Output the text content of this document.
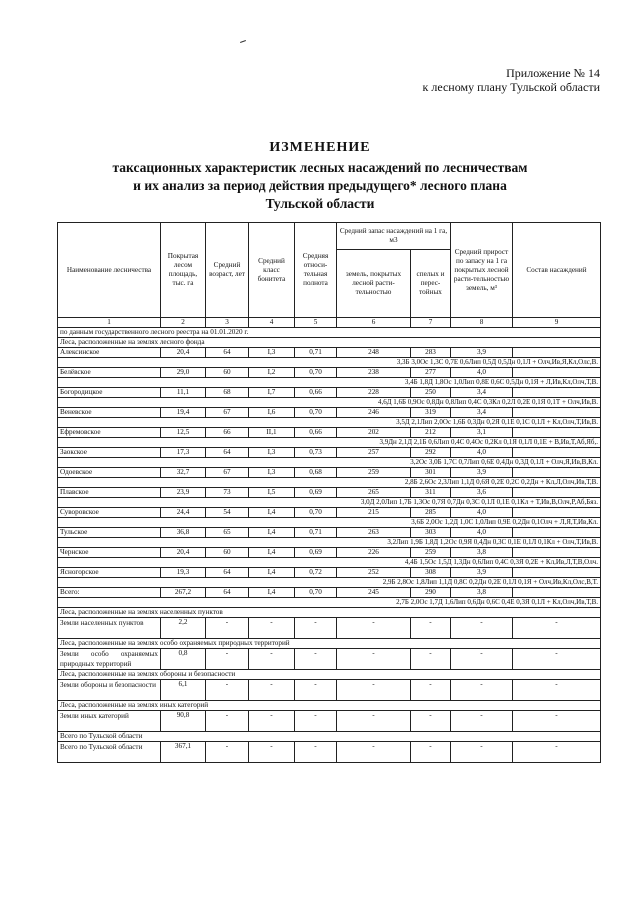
Приложение № 14
к лесному плану Тульской области
ИЗМЕНЕНИЕ
таксационных характеристик лесных насаждений по лесничествам
и их анализ за период действия предыдущего* лесного плана
Тульской области
Наименование лесничества	Покрытая лесом площадь, тыс. га	Средний возраст, лет	Средний класс бонитета	Средняя относи-тельная полнота	Средний запас насаждений на 1 га, м3		Средний прирост по запасу на 1 га покрытых лесной расти-тельностью земель, м³	Состав насаждений
					земель, покрытых лесной расти-тельностью	спелых и перес-тойных		
1	2	3	4	5	6	7	8	9
по данным государственного лесного реестра на 01.01.2020 г.								
Леса, расположенные на землях лесного фонда								
Алексинское	20,4	64	I,3	0,71	248	283	3,9	
3,3Б 3,0Ос 1,3С 0,7Е 0,6Лип 0,5Д 0,5Дн 0,1Л + Олч,Ив,Я,Кл,Олс,В.								
Белёвское	29,0	60	I,2	0,70	238	277	4,0	
3,4Б 1,8Д 1,8Ос 1,0Лип 0,8Е 0,6С 0,5Дн 0,1Я + Л,Ив,Кл,Олч,Т,В.								
Богородицкое	11,1	68	I,7	0,66	228	250	3,4	
4,6Д 1,6Б 0,9Ос 0,8Дн 0,8Лип 0,4С 0,3Кл 0,2Л 0,2Е 0,1Я 0,1Т + Олч,Ив,В.								
Веневское	19,4	67	I,6	0,70	246	319	3,4	
3,5Д 2,1Лип 2,0Ос 1,6Б 0,3Дн 0,2Я 0,1Е 0,1С 0,1Л + Кл,Олч,Т,Ив,В.								
Ефремовское	12,5	66	II,1	0,66	202	212	3,1	
3,9Дн 2,1Д 2,1Б 0,6Лип 0,4С 0,4Ос 0,2Кл 0,1Я 0,1Л 0,1Е + В,Ив,Т,Аб,Яб,.								
Заокское	17,3	64	I,3	0,73	257	292	4,0	
3,2Ос 3,0Б 1,7С 0,7Лип 0,6Е 0,4Дн 0,3Д 0,1Л + Олч,Я,Ив,В,Кл.								
Одоевское	32,7	67	I,3	0,68	259	301	3,9	
2,8Б 2,6Ос 2,3Лип 1,1Д 0,6Я 0,2Е 0,2С 0,2Дн + Кл,Л,Олч,Ив,Т,В.								
Плавское	23,9	73	I,5	0,69	265	311	3,6	
3,0Д 2,0Лип 1,7Б 1,3Ос 0,7Я 0,7Дн 0,3С 0,1Л 0,1Е 0,1Кл + Т,Ив,В,Олч,Р,Аб,Бяз.								
Суворовское	24,4	54	I,4	0,70	215	285	4,0	
3,6Б 2,0Ос 1,2Д 1,0С 1,0Лип 0,9Е 0,2Дн 0,1Олч + Л,Я,Т,Ив,Кл.								
Тульское	36,8	65	I,4	0,71	263	303	4,0	
3,2Лип 1,9Б 1,8Д 1,2Ос 0,9Я 0,4Дн 0,3С 0,1Е 0,1Л 0,1Кл + Олч,Т,Ив,В.								
Чернское	20,4	60	I,4	0,69	226	259	3,8	
4,4Б 1,5Ос 1,5Д 1,3Дн 0,6Лип 0,4С 0,3Я 0,2Е + Кл,Ив,Л,Т,В,Олч.								
Ясногорское	19,3	64	I,4	0,72	252	308	3,9	
2,9Б 2,8Ос 1,8Лип 1,1Д 0,8С 0,2Дн 0,2Е 0,1Л 0,1Я + Олч,Ив,Кл,Олс,В,Т.								
Всего:	267,2	64	I,4	0,70	245	290	3,8	
2,7Б 2,0Ос 1,7Д 1,6Лип 0,6Дн 0,6С 0,4Е 0,3Я 0,1Л + Кл,Олч,Ив,Т,В.								
Леса, расположенные на землях населенных пунктов								
Земли населенных пунктов	2,2	-	-	-	-	-	-	-
Леса, расположенные на землях особо охраняемых природных территорий								
Земли особо охраняемых природных территорий	0,8	-	-	-	-	-	-	-
Леса, расположенные на землях обороны и безопасности								
Земли обороны и безопасности	6,1	-	-	-	-	-	-	-
Леса, расположенные на землях иных категорий								
Земли иных категорий	90,8	-	-	-	-	-	-	-
Всего по Тульской области								
Всего по Тульской области	367,1	-	-	-	-	-	-	-
